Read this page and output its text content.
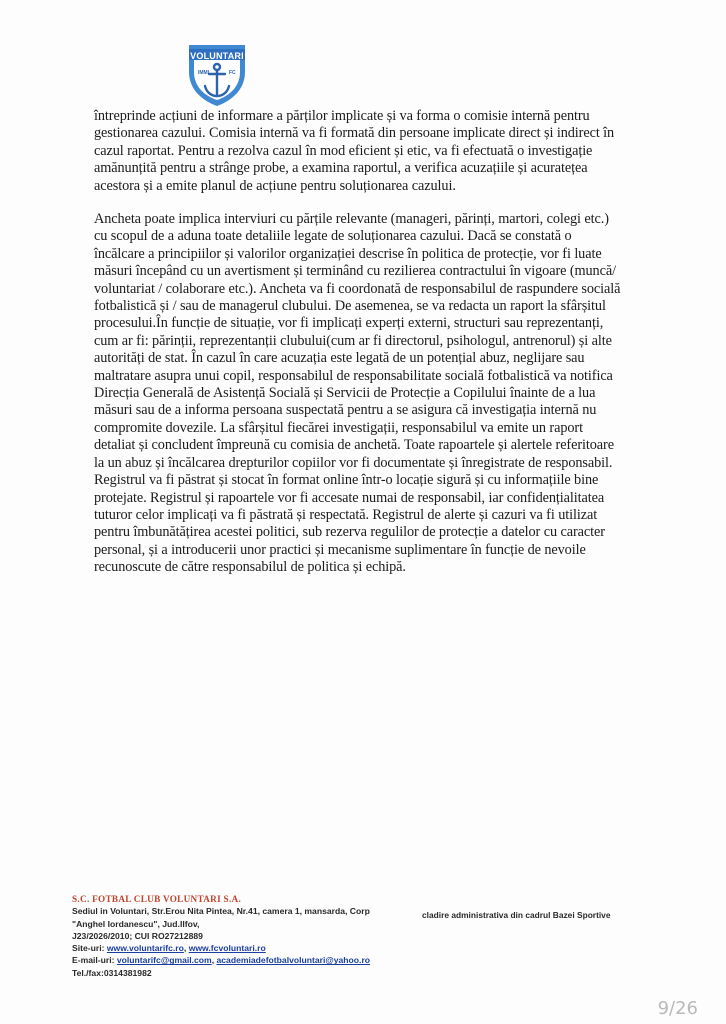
IMMI	FC
VOLUNTARI
întreprinde acțiuni de informare a părților implicate și va forma o comisie internă pentru
gestionarea cazului. Comisia internă va fi formată din persoane implicate direct și indirect în
cazul raportat. Pentru a rezolva cazul în mod eficient și etic, va fi efectuată o investigație
amănunțită pentru a strânge probe, a examina raportul, a verifica acuzațiile și acuratețea
acestora și a emite planul de acțiune pentru soluționarea cazului.
Ancheta poate implica interviuri cu părțile relevante (manageri, părinți, martori, colegi etc.)
cu scopul de a aduna toate detaliile legate de soluționarea cazului. Dacă se constată o
încălcare a principiilor și valorilor organizației descrise în politica de protecție, vor fi luate
măsuri începând cu un avertisment și terminând cu rezilierea contractului în vigoare (muncă/
voluntariat / colaborare etc.). Ancheta va fi coordonată de responsabilul de raspundere socială
fotbalistică și / sau de managerul clubului. De asemenea, se va redacta un raport la sfârșitul
procesului.În funcție de situație, vor fi implicați experți externi, structuri sau reprezentanți,
cum ar fi: părinții, reprezentanții clubului(cum ar fi directorul, psihologul, antrenorul) și alte
autorități de stat. În cazul în care acuzația este legată de un potențial abuz, neglijare sau
maltratare asupra unui copil, responsabilul de responsabilitate socială fotbalistică va notifica
Direcția Generală de Asistență Socială și Servicii de Protecție a Copilului înainte de a lua
măsuri sau de a informa persoana suspectată pentru a se asigura că investigația internă nu
compromite dovezile. La sfârșitul fiecărei investigații, responsabilul va emite un raport
detaliat și concludent împreună cu comisia de anchetă. Toate rapoartele și alertele referitoare
la un abuz și încălcarea drepturilor copiilor vor fi documentate și înregistrate de responsabil.
Registrul va fi păstrat și stocat în format online într-o locație sigură și cu informațiile bine
protejate. Registrul și rapoartele vor fi accesate numai de responsabil, iar confidențialitatea
tuturor celor implicați va fi păstrată și respectată. Registrul de alerte și cazuri va fi utilizat
pentru îmbunătățirea acestei politici, sub rezerva regulilor de protecție a datelor cu caracter
personal, și a introducerii unor practici și mecanisme suplimentare în funcție de nevoile
recunoscute de către responsabilul de politica și echipă.
S.C. FOTBAL CLUB VOLUNTARI S.A.
Sediul in Voluntari, Str.Erou Nita Pintea, Nr.41, camera 1, mansarda, Corp
"Anghel Iordanescu", Jud.Ilfov,
J23/2026/2010; CUI RO27212889
Site-uri: www.voluntarifc.ro, www.fcvoluntari.ro
E-mail-uri: voluntarifc@gmail.com, academiadefotbalvoluntari@yahoo.ro
Tel./fax:0314381982
cladire administrativa din cadrul Bazei Sportive
9/26
